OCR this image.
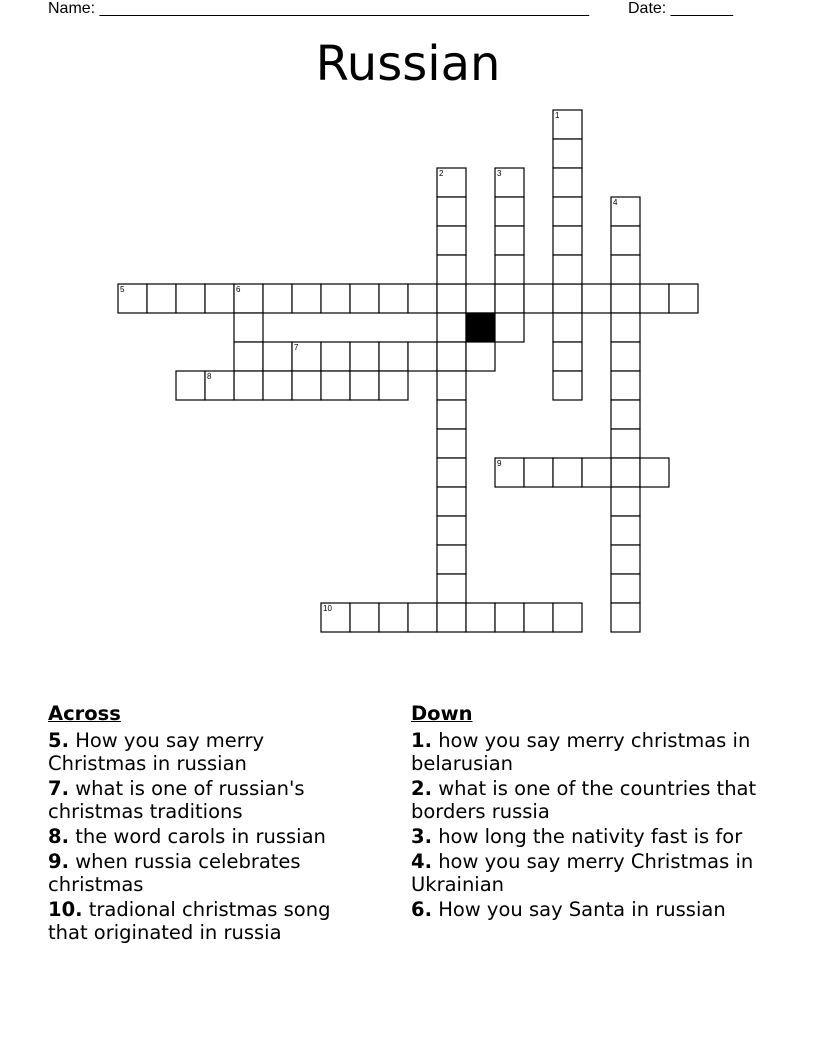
Name: _______________________________________________________ Date: _______
Russian
1
2	3
4
5	6
7
8
9
10
Across
5. How you say merry Christmas in russian
7. what is one of russian's christmas traditions
8. the word carols in russian
9. when russia celebrates christmas
10. tradional christmas song that originated in russia
Down
1. how you say merry christmas in belarusian
2. what is one of the countries that borders russia
3. how long the nativity fast is for
4. how you say merry Christmas in Ukrainian
6. How you say Santa in russian
